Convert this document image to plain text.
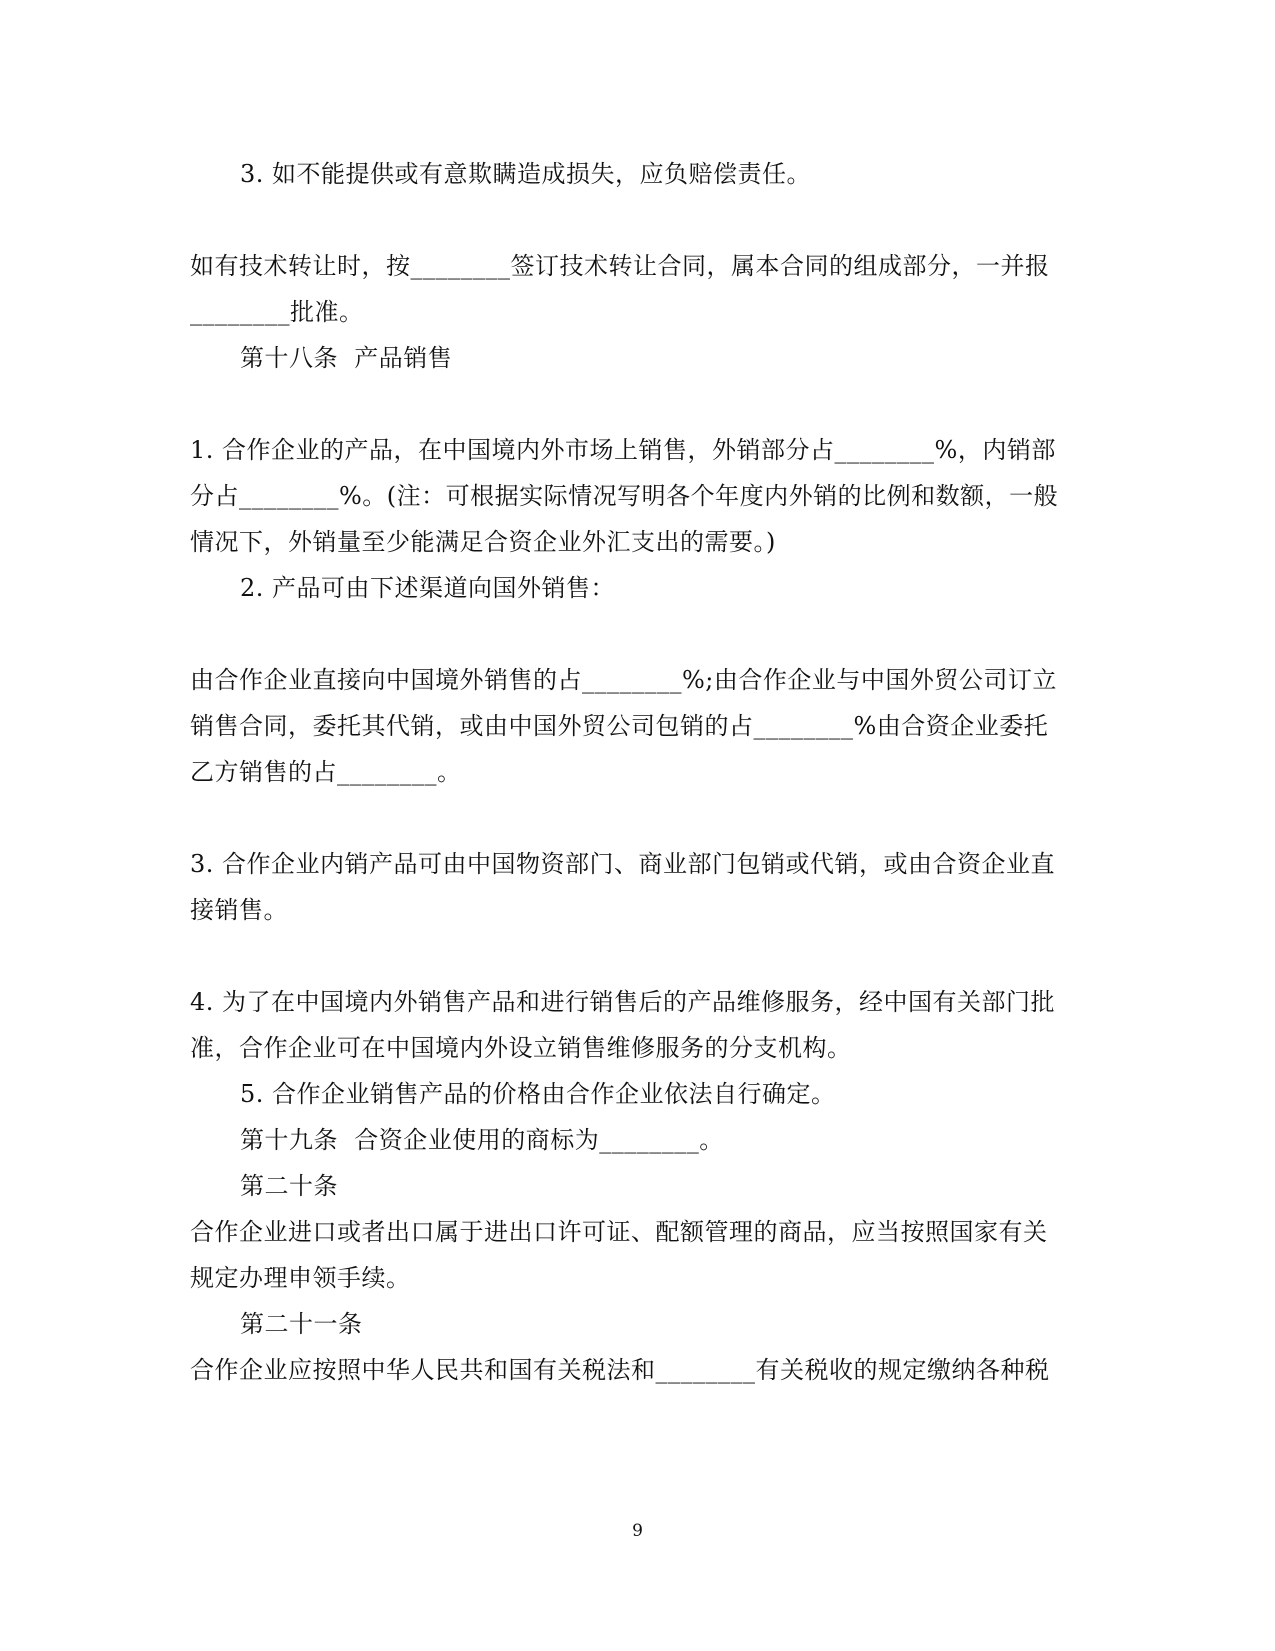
3. 如不能提供或有意欺瞒造成损失，应负赔偿责任。
如有技术转让时，按________签订技术转让合同，属本合同的组成部分，一并报
________批准。
第十八条  产品销售
1. 合作企业的产品，在中国境内外市场上销售，外销部分占________%，内销部
分占________%。(注：可根据实际情况写明各个年度内外销的比例和数额，一般
情况下，外销量至少能满足合资企业外汇支出的需要。)
2. 产品可由下述渠道向国外销售：
由合作企业直接向中国境外销售的占________%;由合作企业与中国外贸公司订立
销售合同，委托其代销，或由中国外贸公司包销的占________%由合资企业委托
乙方销售的占________。
3. 合作企业内销产品可由中国物资部门、商业部门包销或代销，或由合资企业直
接销售。
4. 为了在中国境内外销售产品和进行销售后的产品维修服务，经中国有关部门批
准，合作企业可在中国境内外设立销售维修服务的分支机构。
5. 合作企业销售产品的价格由合作企业依法自行确定。
第十九条  合资企业使用的商标为________。
第二十条
合作企业进口或者出口属于进出口许可证、配额管理的商品，应当按照国家有关
规定办理申领手续。
第二十一条
合作企业应按照中华人民共和国有关税法和________有关税收的规定缴纳各种税
9
